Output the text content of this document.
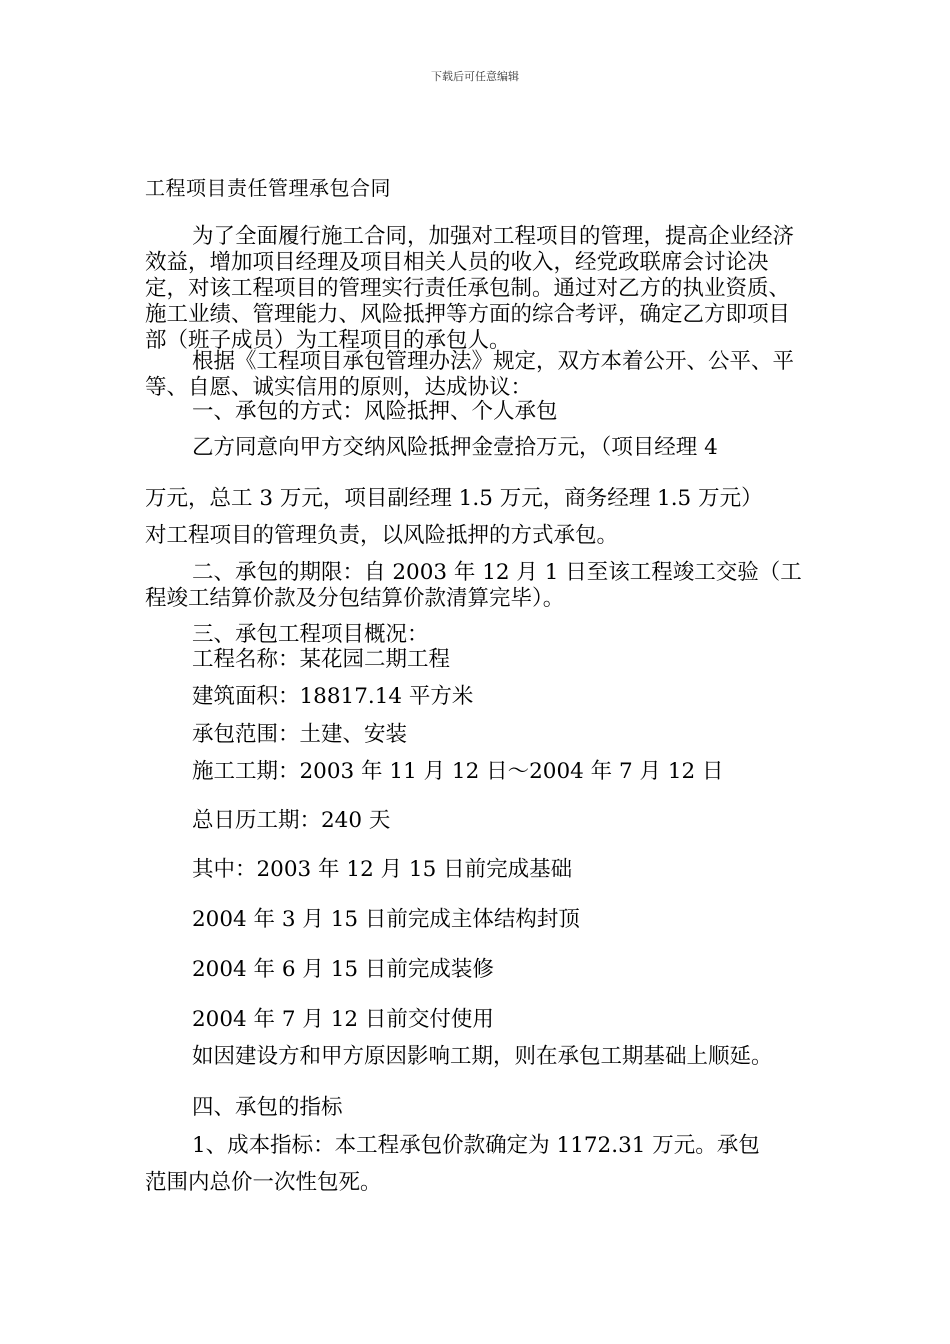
下载后可任意编辑
工程项目责任管理承包合同

为了全面履行施工合同，加强对工程项目的管理，提高企业经济效益，增加项目经理及项目相关人员的收入，经党政联席会讨论决定，对该工程项目的管理实行责任承包制。通过对乙方的执业资质、施工业绩、管理能力、风险抵押等方面的综合考评，确定乙方即项目部（班子成员）为工程项目的承包人。

根据《工程项目承包管理办法》规定，双方本着公开、公平、平等、自愿、诚实信用的原则，达成协议：

一、承包的方式：风险抵押、个人承包

乙方同意向甲方交纳风险抵押金壹拾万元，（项目经理 4

万元，总工 3 万元，项目副经理 1.5 万元，商务经理 1.5 万元）

对工程项目的管理负责，以风险抵押的方式承包。

二、承包的期限：自 2003 年 12 月 1 日至该工程竣工交验（工程竣工结算价款及分包结算价款清算完毕）。

三、承包工程项目概况：

工程名称：某花园二期工程

建筑面积：18817.14 平方米

承包范围：土建、安装

施工工期：2003 年 11 月 12 日～2004 年 7 月 12 日

总日历工期：240 天

其中：2003 年 12 月 15 日前完成基础

2004 年 3 月 15 日前完成主体结构封顶

2004 年 6 月 15 日前完成装修

2004 年 7 月 12 日前交付使用

如因建设方和甲方原因影响工期，则在承包工期基础上顺延。

四、承包的指标

1、成本指标：本工程承包价款确定为 1172.31 万元。承包

范围内总价一次性包死。
